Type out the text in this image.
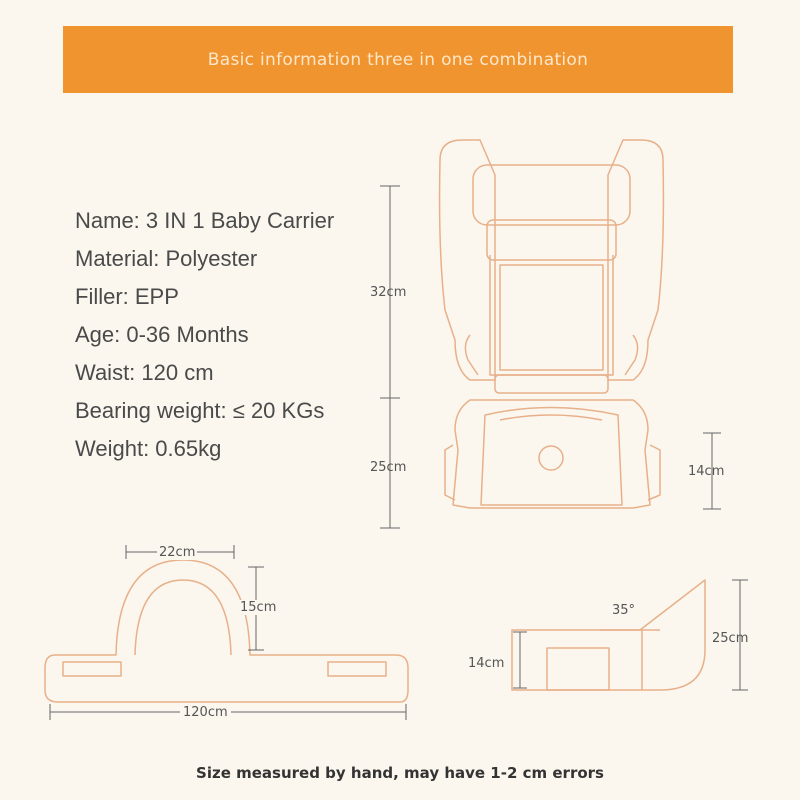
Basic information three in one combination
Name: 3 IN 1 Baby Carrier
Material: Polyester
Filler: EPP
Age: 0-36 Months
Waist: 120 cm
Bearing weight: ≤ 20 KGs
Weight: 0.65kg
32cm
25cm	14cm
22cm
15cm
120cm
35°
14cm
25cm
Size measured by hand, may have 1-2 cm errors
